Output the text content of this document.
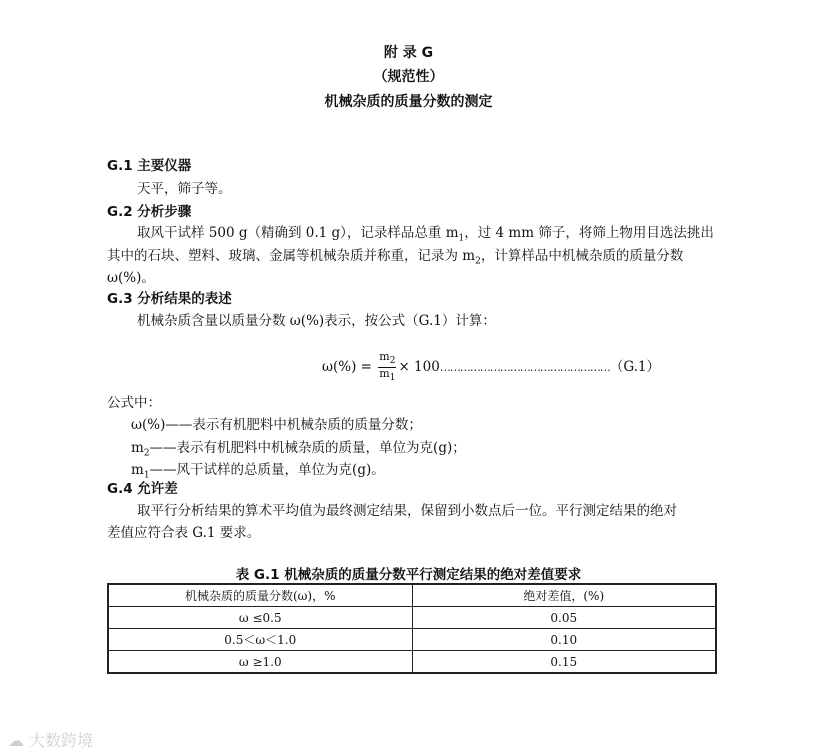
附 录 G
（规范性）
机械杂质的质量分数的测定
G.1 主要仪器
天平，筛子等。
G.2 分析步骤
取风干试样 500 g（精确到 0.1 g），记录样品总重 $m_1$，过 4 mm 筛子，将筛上物用目选法挑出
其中的石块、塑料、玻璃、金属等机械杂质并称重，记录为 $m_2$，计算样品中机械杂质的质量分数
ω(%)。
G.3 分析结果的表述
机械杂质含量以质量分数 ω(%)表示，按公式（G.1）计算：
$\omega(\%) = \frac{m_2}{m_1}$ × 100……………………………………………（G.1）
公式中：
ω(%)——表示有机肥料中机械杂质的质量分数；
$m_2——$表示有机肥料中机械杂质的质量，单位为克(g)；
$m_1——$风干试样的总质量，单位为克(g)。
G.4 允许差
取平行分析结果的算术平均值为最终测定结果，保留到小数点后一位。平行测定结果的绝对
差值应符合表 G.1 要求。
表 G.1 机械杂质的质量分数平行测定结果的绝对差值要求
机械杂质的质量分数(ω)，%	绝对差值，(%)
ω ≤0.5	0.05
0.5＜ω＜1.0	0.10
ω ≥1.0	0.15
☁ 大数跨境
